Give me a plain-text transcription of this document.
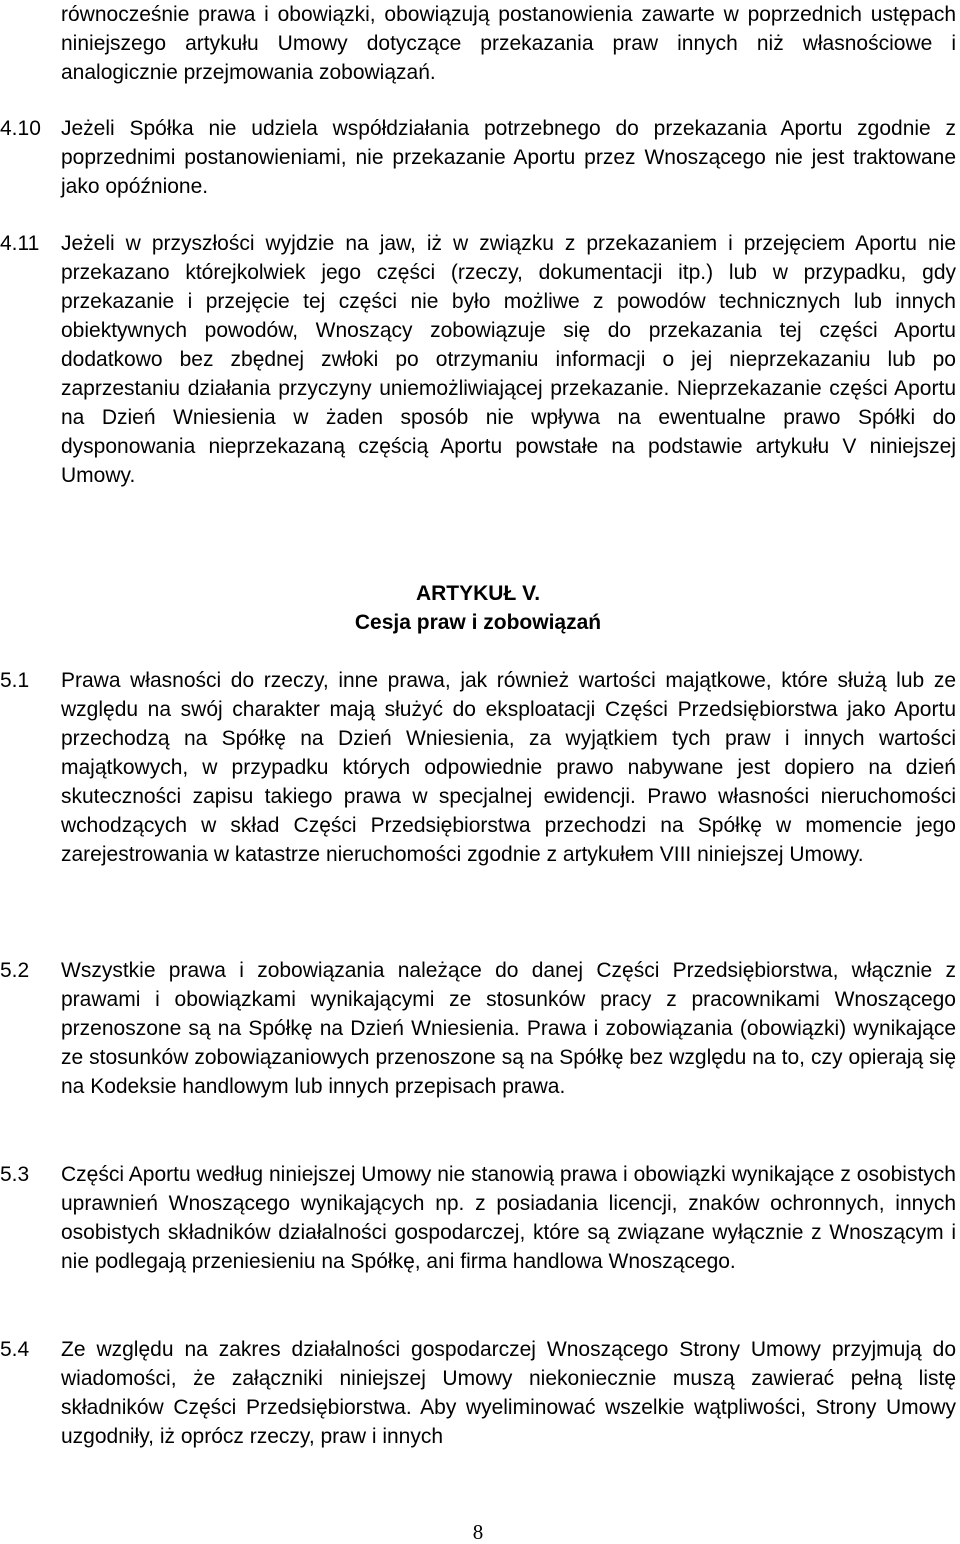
równocześnie prawa i obowiązki, obowiązują postanowienia zawarte w poprzednich ustępach niniejszego artykułu Umowy dotyczące przekazania praw innych niż własnościowe i analogicznie przejmowania zobowiązań.
4.10 Jeżeli Spółka nie udziela współdziałania potrzebnego do przekazania Aportu zgodnie z poprzednimi postanowieniami, nie przekazanie Aportu przez Wnoszącego nie jest traktowane jako opóźnione.
4.11 Jeżeli w przyszłości wyjdzie na jaw, iż w związku z przekazaniem i przejęciem Aportu nie przekazano którejkolwiek jego części (rzeczy, dokumentacji itp.) lub w przypadku, gdy przekazanie i przejęcie tej części nie było możliwe z powodów technicznych lub innych obiektywnych powodów, Wnoszący zobowiązuje się do przekazania tej części Aportu dodatkowo bez zbędnej zwłoki po otrzymaniu informacji o jej nieprzekazaniu lub po zaprzestaniu działania przyczyny uniemożliwiającej przekazanie. Nieprzekazanie części Aportu na Dzień Wniesienia w żaden sposób nie wpływa na ewentualne prawo Spółki do dysponowania nieprzekazaną częścią Aportu powstałe na podstawie artykułu V niniejszej Umowy.
ARTYKUŁ V.
Cesja praw i zobowiązań
5.1 Prawa własności do rzeczy, inne prawa, jak również wartości majątkowe, które służą lub ze względu na swój charakter mają służyć do eksploatacji Części Przedsiębiorstwa jako Aportu przechodzą na Spółkę na Dzień Wniesienia, za wyjątkiem tych praw i innych wartości majątkowych, w przypadku których odpowiednie prawo nabywane jest dopiero na dzień skuteczności zapisu takiego prawa w specjalnej ewidencji. Prawo własności nieruchomości wchodzących w skład Części Przedsiębiorstwa przechodzi na Spółkę w momencie jego zarejestrowania w katastrze nieruchomości zgodnie z artykułem VIII niniejszej Umowy.
5.2 Wszystkie prawa i zobowiązania należące do danej Części Przedsiębiorstwa, włącznie z prawami i obowiązkami wynikającymi ze stosunków pracy z pracownikami Wnoszącego przenoszone są na Spółkę na Dzień Wniesienia. Prawa i zobowiązania (obowiązki) wynikające ze stosunków zobowiązaniowych przenoszone są na Spółkę bez względu na to, czy opierają się na Kodeksie handlowym lub innych przepisach prawa.
5.3 Części Aportu według niniejszej Umowy nie stanowią prawa i obowiązki wynikające z osobistych uprawnień Wnoszącego wynikających np. z posiadania licencji, znaków ochronnych, innych osobistych składników działalności gospodarczej, które są związane wyłącznie z Wnoszącym i nie podlegają przeniesieniu na Spółkę, ani firma handlowa Wnoszącego.
5.4 Ze względu na zakres działalności gospodarczej Wnoszącego Strony Umowy przyjmują do wiadomości, że załączniki niniejszej Umowy niekoniecznie muszą zawierać pełną listę składników Części Przedsiębiorstwa. Aby wyeliminować wszelkie wątpliwości, Strony Umowy uzgodniły, iż oprócz rzeczy, praw i innych
8
